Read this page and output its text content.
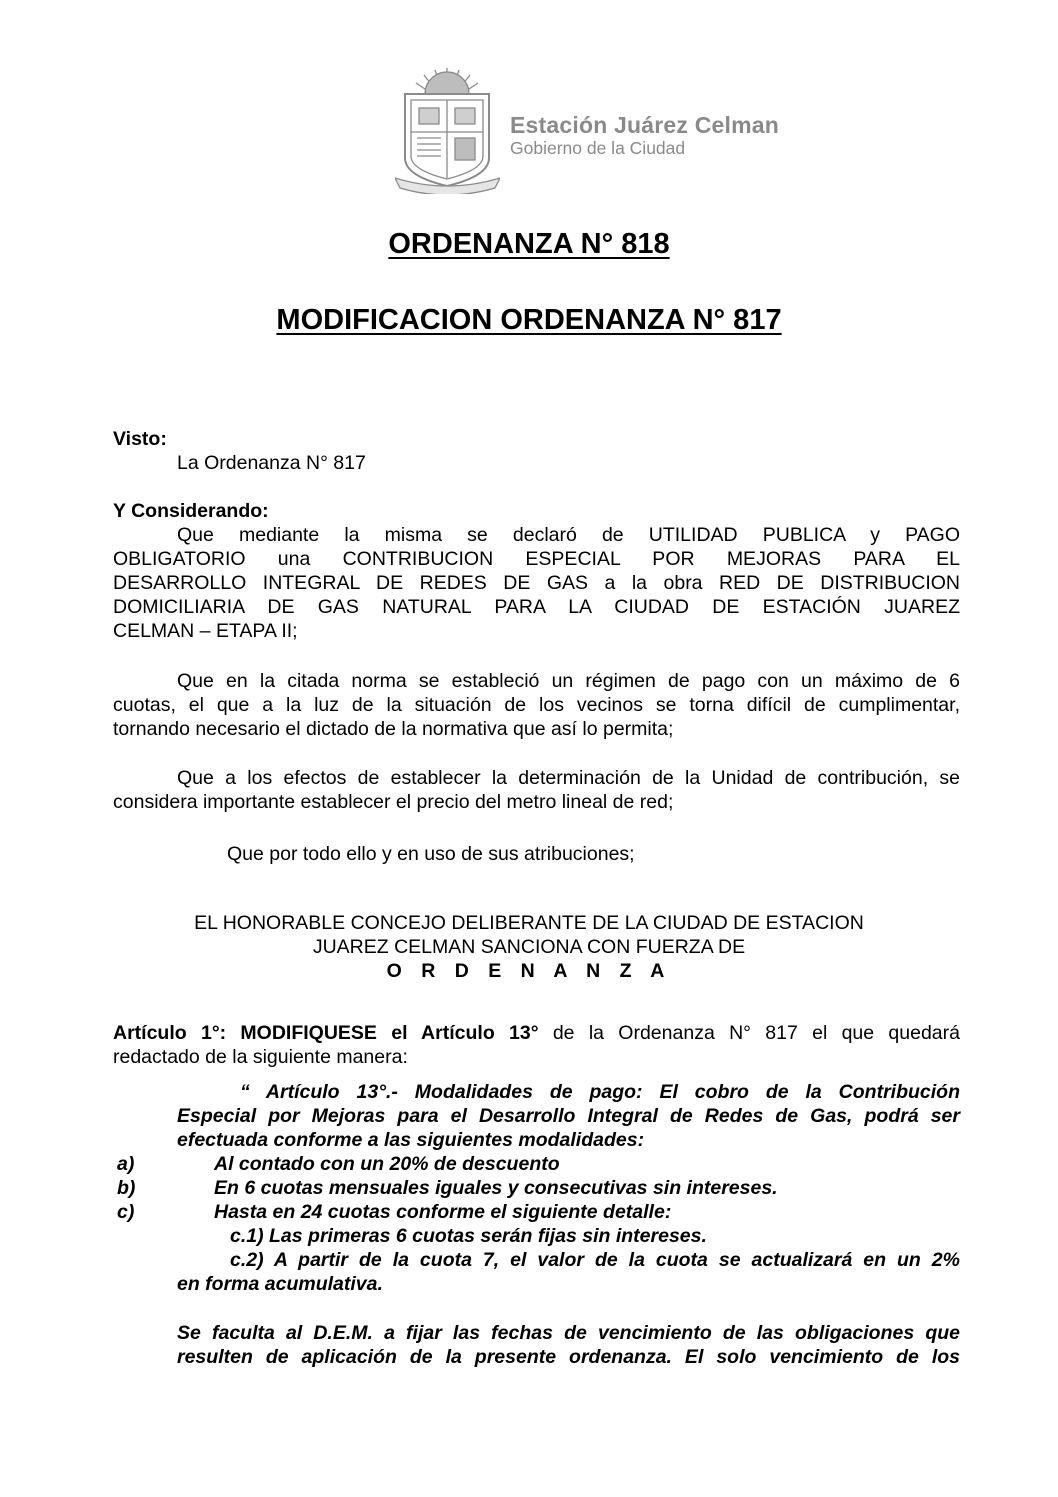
Estación Juárez Celman
Gobierno de la Ciudad
ORDENANZA N° 818
MODIFICACION ORDENANZA N° 817
Visto:
La Ordenanza N° 817
Y Considerando:
Que mediante la misma se declaró de UTILIDAD PUBLICA y PAGO
OBLIGATORIO una CONTRIBUCION ESPECIAL POR MEJORAS PARA EL
DESARROLLO INTEGRAL DE REDES DE GAS a la obra RED DE DISTRIBUCION
DOMICILIARIA DE GAS NATURAL PARA LA CIUDAD DE ESTACIÓN JUAREZ
CELMAN – ETAPA II;
Que en la citada norma se estableció un régimen de pago con un máximo de 6
cuotas, el que a la luz de la situación de los vecinos se torna difícil de cumplimentar,
tornando necesario el dictado de la normativa que así lo permita;
Que a los efectos de establecer la determinación de la Unidad de contribución, se
considera importante establecer el precio del metro lineal de red;
Que por todo ello y en uso de sus atribuciones;
EL HONORABLE CONCEJO DELIBERANTE DE LA CIUDAD DE ESTACION
JUAREZ CELMAN SANCIONA CON FUERZA DE
O R D E N A N Z A
Artículo 1°: MODIFIQUESE el Artículo 13° de la Ordenanza N° 817 el que quedará
redactado de la siguiente manera:
“ Artículo 13°.- Modalidades de pago: El cobro de la Contribución
Especial por Mejoras para el Desarrollo Integral de Redes de Gas, podrá ser
efectuada conforme a las siguientes modalidades:
a)	Al contado con un 20% de descuento
b)	En 6 cuotas mensuales iguales y consecutivas sin intereses.
c)	Hasta en 24 cuotas conforme el siguiente detalle:
c.1) Las primeras 6 cuotas serán fijas sin intereses.
c.2) A partir de la cuota 7, el valor de la cuota se actualizará en un 2%
en forma acumulativa.
Se faculta al D.E.M. a fijar las fechas de vencimiento de las obligaciones que
resulten de aplicación de la presente ordenanza. El solo vencimiento de los
